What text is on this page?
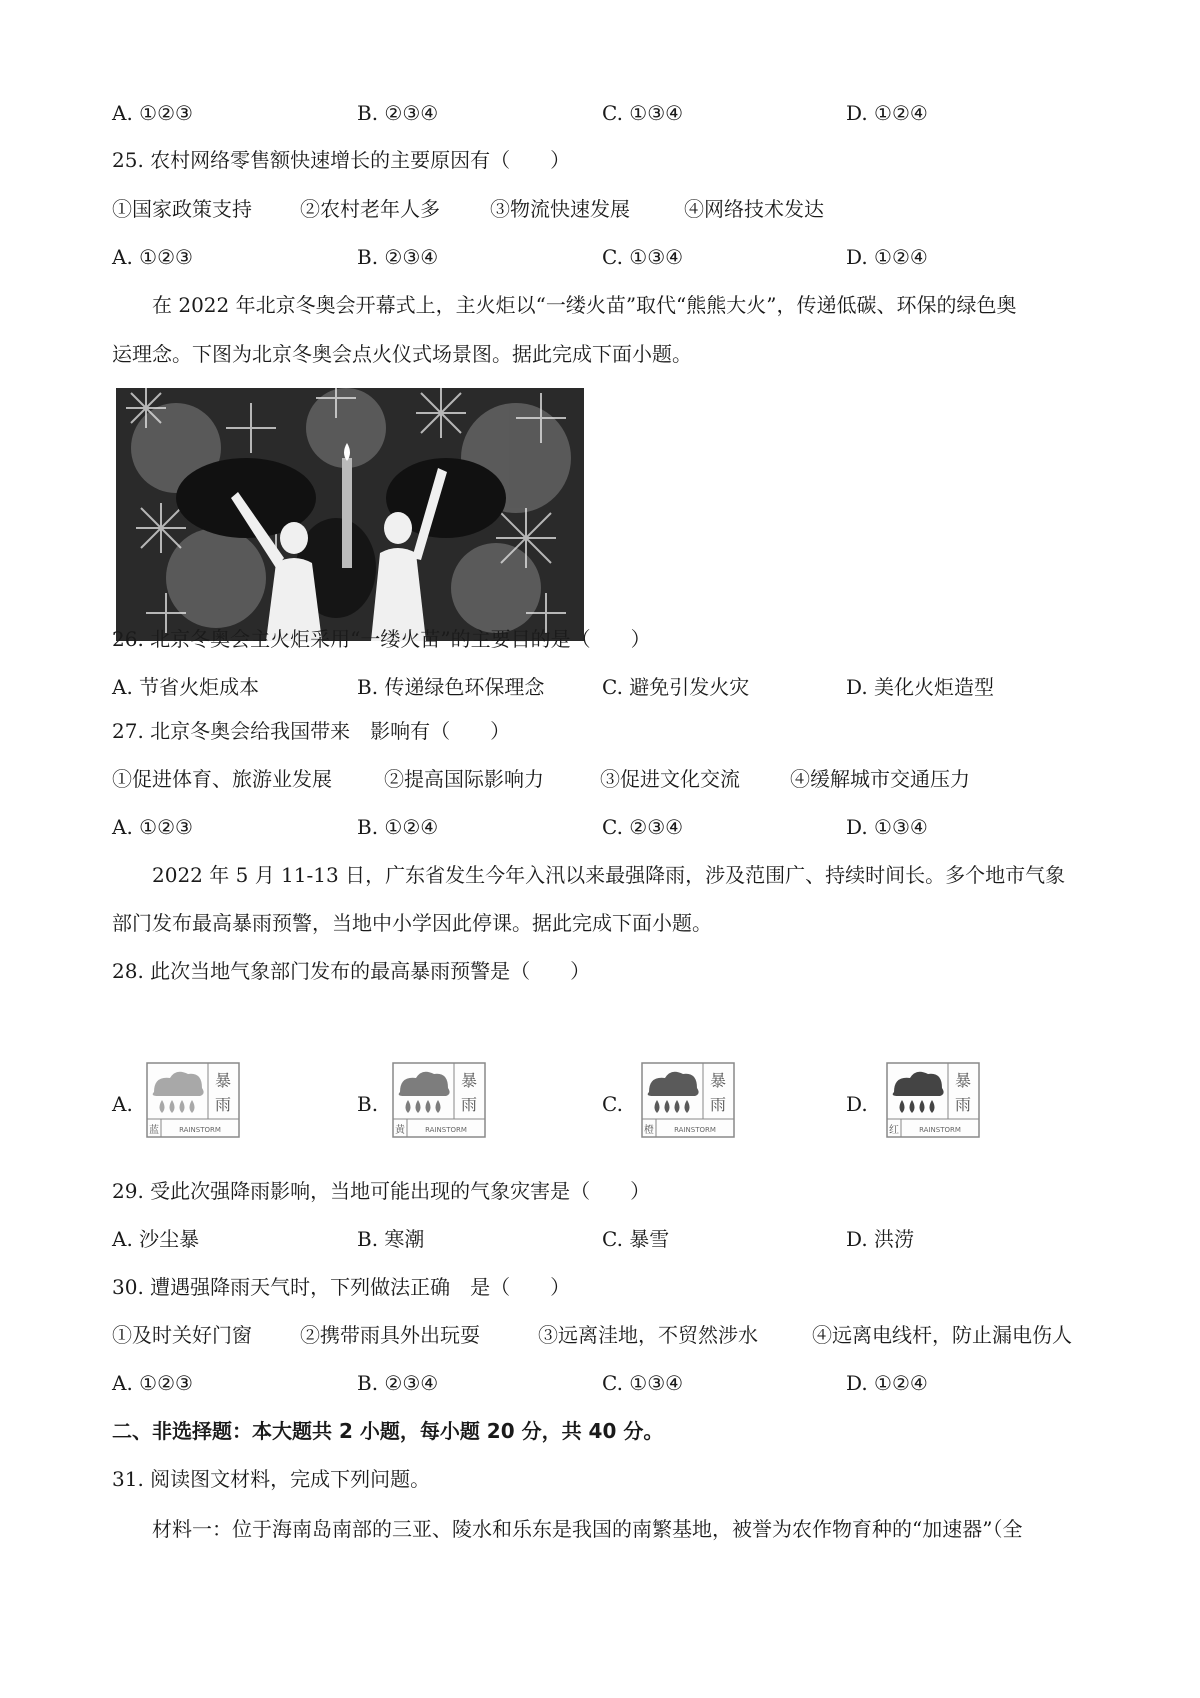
A. ①②③	B. ②③④	C. ①③④	D. ①②④
25. 农村网络零售额快速增长的主要原因有（　　）
①国家政策支持 ②农村老年人多	③物流快速发展	④网络技术发达
A. ①②③	B. ②③④	C. ①③④	D. ①②④
在 2022 年北京冬奥会开幕式上，主火炬以“一缕火苗”取代“熊熊大火”，传递低碳、环保的绿色奥
运理念。下图为北京冬奥会点火仪式场景图。据此完成下面小题。
26. 北京冬奥会主火炬采用“一缕火苗”的主要目的是（　　）
A. 节省火炬成本	B. 传递绿色环保理念	C. 避免引发火灾	D. 美化火炬造型
27. 北京冬奥会给我国带来　影响有（　　）
①促进体育、旅游业发展	②提高国际影响力	③促进文化交流	④缓解城市交通压力
A. ①②③	B. ①②④	C. ②③④	D. ①③④
2022 年 5 月 11-13 日，广东省发生今年入汛以来最强降雨，涉及范围广、持续时间长。多个地市气象
部门发布最高暴雨预警，当地中小学因此停课。据此完成下面小题。
28. 此次当地气象部门发布的最高暴雨预警是（　　）
A.	B.	C.	D.
暴
雨
蓝	RAINSTORM
暴
雨
黄	RAINSTORM
暴
雨
橙	RAINSTORM
暴
雨
红	RAINSTORM
29. 受此次强降雨影响，当地可能出现的气象灾害是（　　）
A. 沙尘暴	B. 寒潮	C. 暴雪	D. 洪涝
30. 遭遇强降雨天气时，下列做法正确　是（　　）
①及时关好门窗 ②携带雨具外出玩耍	③远离洼地，不贸然涉水	④远离电线杆，防止漏电伤人
A. ①②③	B. ②③④	C. ①③④	D. ①②④
二、非选择题：本大题共 2 小题，每小题 20 分，共 40 分。
31. 阅读图文材料，完成下列问题。
材料一：位于海南岛南部的三亚、陵水和乐东是我国的南繁基地，被誉为农作物育种的“加速器”（全
